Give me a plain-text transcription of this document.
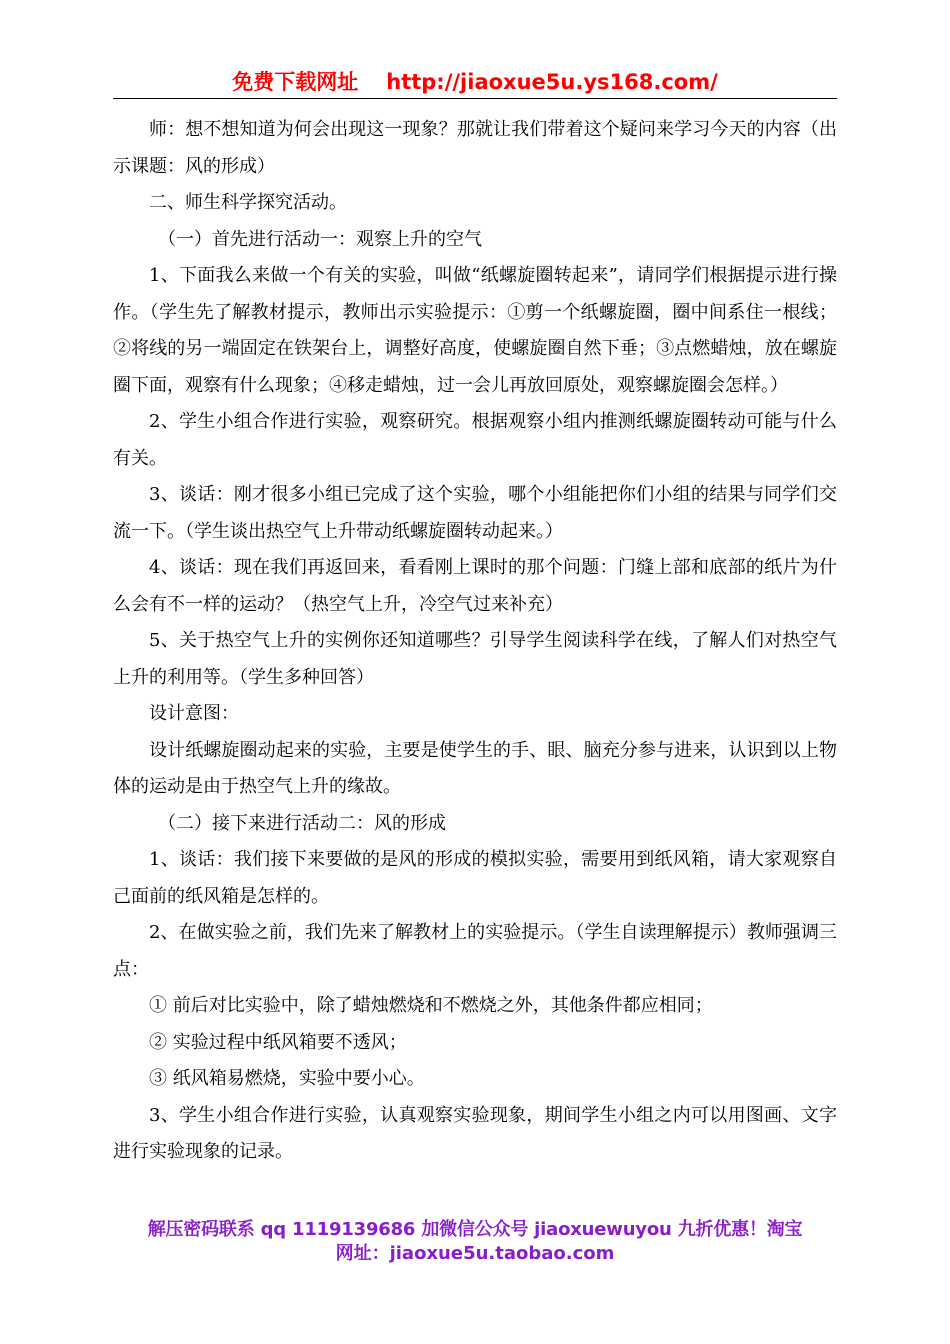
免费下载网址 http://jiaoxue5u.ys168.com/

师：想不想知道为何会出现这一现象？那就让我们带着这个疑问来学习今天的内容（出示课题：风的形成）

二、师生科学探究活动。

（一）首先进行活动一：观察上升的空气

1、下面我么来做一个有关的实验，叫做“纸螺旋圈转起来”，请同学们根据提示进行操作。（学生先了解教材提示，教师出示实验提示：①剪一个纸螺旋圈，圈中间系住一根线；②将线的另一端固定在铁架台上，调整好高度，使螺旋圈自然下垂；③点燃蜡烛，放在螺旋圈下面，观察有什么现象；④移走蜡烛，过一会儿再放回原处，观察螺旋圈会怎样。）

2、学生小组合作进行实验，观察研究。根据观察小组内推测纸螺旋圈转动可能与什么有关。

3、谈话：刚才很多小组已完成了这个实验，哪个小组能把你们小组的结果与同学们交流一下。（学生谈出热空气上升带动纸螺旋圈转动起来。）

4、谈话：现在我们再返回来，看看刚上课时的那个问题：门缝上部和底部的纸片为什么会有不一样的运动？（热空气上升，冷空气过来补充）

5、关于热空气上升的实例你还知道哪些？引导学生阅读科学在线，了解人们对热空气上升的利用等。（学生多种回答）

设计意图：

设计纸螺旋圈动起来的实验，主要是使学生的手、眼、脑充分参与进来，认识到以上物体的运动是由于热空气上升的缘故。

（二）接下来进行活动二：风的形成

1、谈话：我们接下来要做的是风的形成的模拟实验，需要用到纸风箱，请大家观察自己面前的纸风箱是怎样的。

2、在做实验之前，我们先来了解教材上的实验提示。（学生自读理解提示）教师强调三点：

① 前后对比实验中，除了蜡烛燃烧和不燃烧之外，其他条件都应相同；

② 实验过程中纸风箱要不透风；

③ 纸风箱易燃烧，实验中要小心。

3、学生小组合作进行实验，认真观察实验现象，期间学生小组之内可以用图画、文字进行实验现象的记录。

解压密码联系 qq 1119139686 加微信公众号 jiaoxuewuyou 九折优惠！淘宝
网址：jiaoxue5u.taobao.com
